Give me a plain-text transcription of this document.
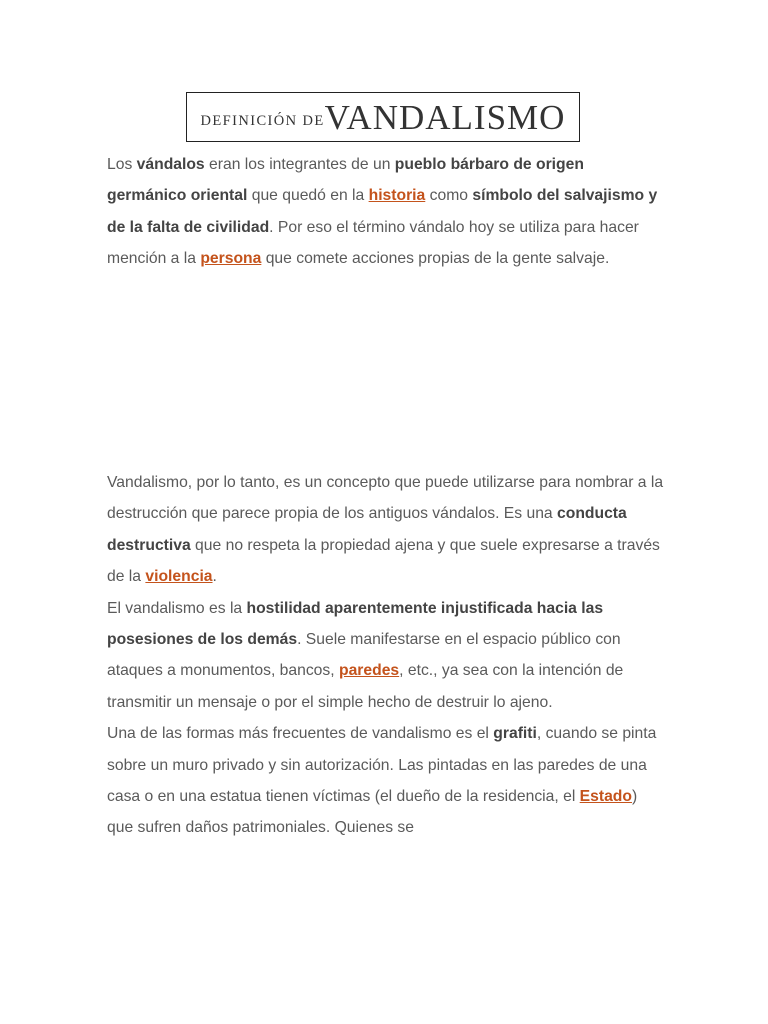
DEFINICIÓN DE VANDALISMO

Los vándalos eran los integrantes de un pueblo bárbaro de origen germánico oriental que quedó en la historia como símbolo del salvajismo y de la falta de civilidad. Por eso el término vándalo hoy se utiliza para hacer mención a la persona que comete acciones propias de la gente salvaje.

Vandalismo, por lo tanto, es un concepto que puede utilizarse para nombrar a la destrucción que parece propia de los antiguos vándalos. Es una conducta destructiva que no respeta la propiedad ajena y que suele expresarse a través de la violencia.
El vandalismo es la hostilidad aparentemente injustificada hacia las posesiones de los demás. Suele manifestarse en el espacio público con ataques a monumentos, bancos, paredes, etc., ya sea con la intención de transmitir un mensaje o por el simple hecho de destruir lo ajeno.
Una de las formas más frecuentes de vandalismo es el grafiti, cuando se pinta sobre un muro privado y sin autorización. Las pintadas en las paredes de una casa o en una estatua tienen víctimas (el dueño de la residencia, el Estado) que sufren daños patrimoniales. Quienes se
